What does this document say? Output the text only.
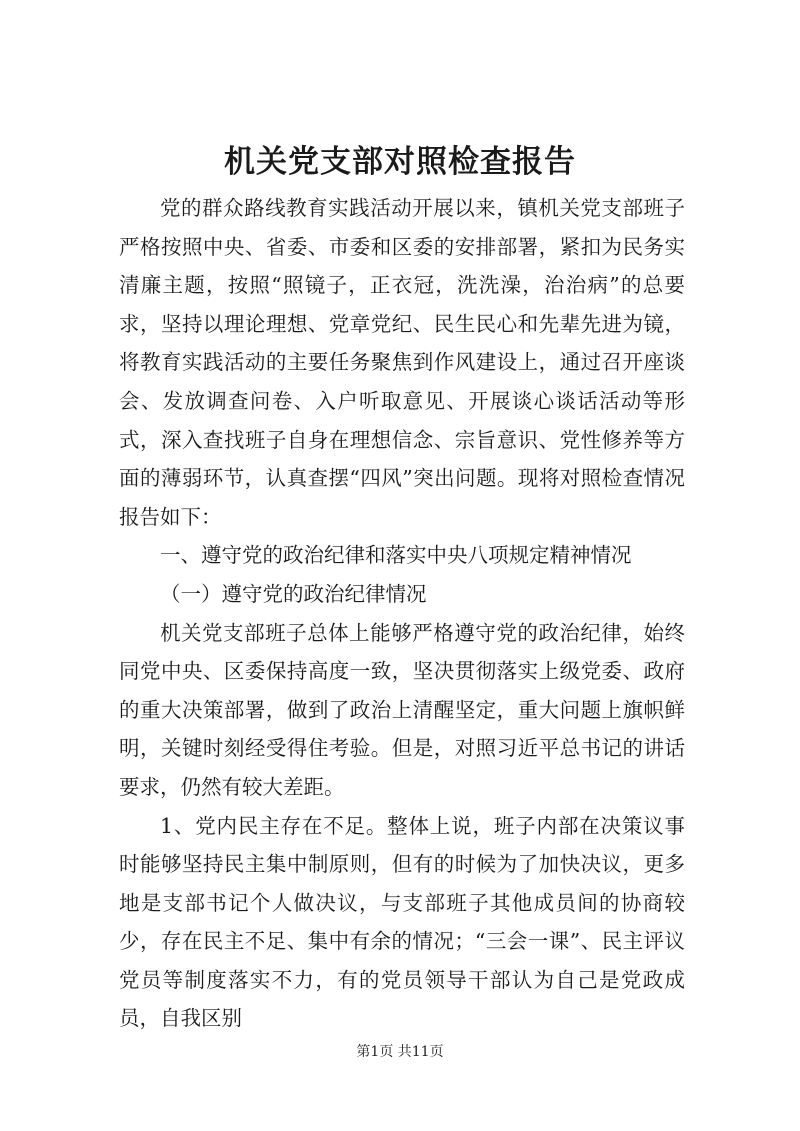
机关党支部对照检查报告

党的群众路线教育实践活动开展以来，镇机关党支部班子严格按照中央、省委、市委和区委的安排部署，紧扣为民务实清廉主题，按照“照镜子，正衣冠，洗洗澡，治治病”的总要求，坚持以理论理想、党章党纪、民生民心和先辈先进为镜，将教育实践活动的主要任务聚焦到作风建设上，通过召开座谈会、发放调查问卷、入户听取意见、开展谈心谈话活动等形式，深入查找班子自身在理想信念、宗旨意识、党性修养等方面的薄弱环节，认真查摆“四风”突出问题。现将对照检查情况报告如下：

一、遵守党的政治纪律和落实中央八项规定精神情况

（一）遵守党的政治纪律情况

机关党支部班子总体上能够严格遵守党的政治纪律，始终同党中央、区委保持高度一致，坚决贯彻落实上级党委、政府的重大决策部署，做到了政治上清醒坚定，重大问题上旗帜鲜明，关键时刻经受得住考验。但是，对照习近平总书记的讲话要求，仍然有较大差距。

1、党内民主存在不足。整体上说，班子内部在决策议事时能够坚持民主集中制原则，但有的时候为了加快决议，更多地是支部书记个人做决议，与支部班子其他成员间的协商较少，存在民主不足、集中有余的情况；“三会一课”、民主评议党员等制度落实不力，有的党员领导干部认为自己是党政成员，自我区别

第1页 共11页
